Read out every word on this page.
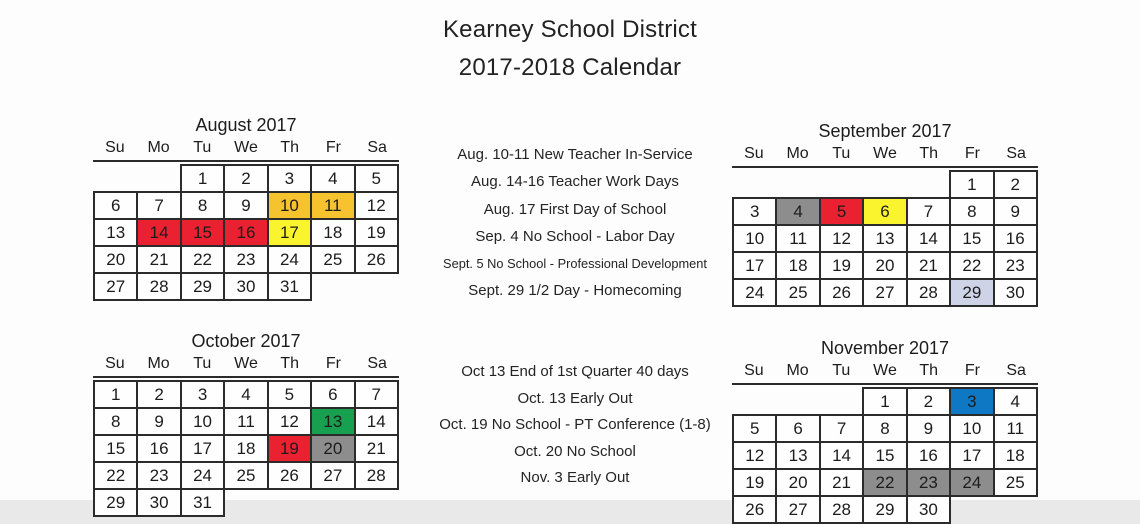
Kearney School District
2017-2018 Calendar
August 2017
Su	Mo	Tu	We	Th	Fr	Sa
		1	2	3	4	5
6	7	8	9	10	11	12
13	14	15	16	17	18	19
20	21	22	23	24	25	26
27	28	29	30	31		
September 2017
Su	Mo	Tu	We	Th	Fr	Sa
					1	2
3	4	5	6	7	8	9
10	11	12	13	14	15	16
17	18	19	20	21	22	23
24	25	26	27	28	29	30
October 2017
Su	Mo	Tu	We	Th	Fr	Sa
1	2	3	4	5	6	7
8	9	10	11	12	13	14
15	16	17	18	19	20	21
22	23	24	25	26	27	28
29	30	31				
November 2017
Su	Mo	Tu	We	Th	Fr	Sa
			1	2	3	4
5	6	7	8	9	10	11
12	13	14	15	16	17	18
19	20	21	22	23	24	25
26	27	28	29	30		
Aug. 10-11 New Teacher In-Service
Aug. 14-16 Teacher Work Days
Aug. 17 First Day of School
Sep. 4 No School - Labor Day
Sept. 5 No School - Professional Development
Sept. 29 1/2 Day - Homecoming
Oct 13 End of 1st Quarter 40 days
Oct. 13 Early Out
Oct. 19 No School - PT Conference (1-8)
Oct. 20 No School
Nov. 3 Early Out
